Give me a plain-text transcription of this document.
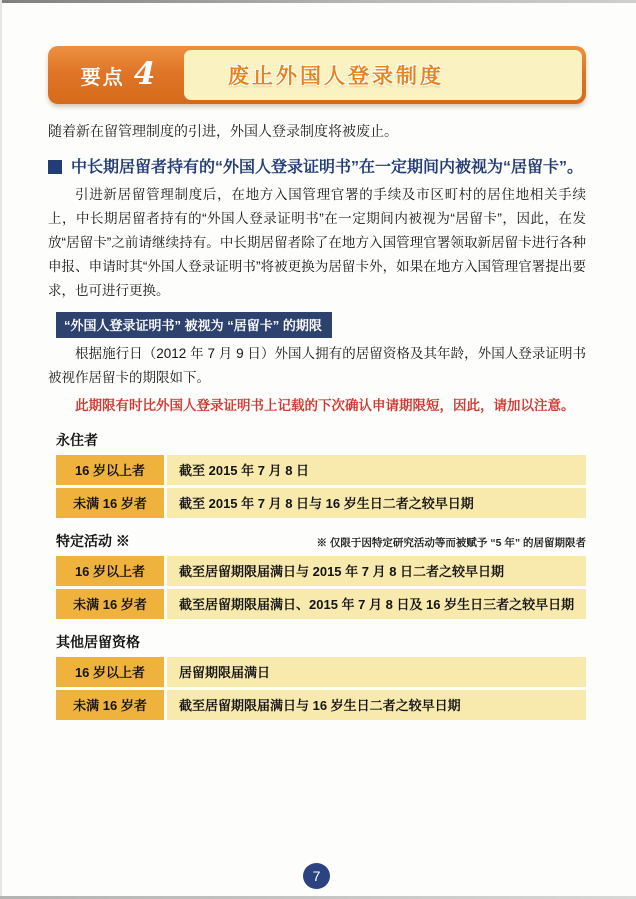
要点 4	废止外国人登录制度

随着新在留管理制度的引进，外国人登录制度将被废止。

中长期居留者持有的“外国人登录证明书”在一定期间内被视为“居留卡”。

引进新居留管理制度后，在地方入国管理官署的手续及市区町村的居住地相关手续上，中长期居留者持有的“外国人登录证明书”在一定期间内被视为“居留卡”，因此，在发放“居留卡”之前请继续持有。中长期居留者除了在地方入国管理官署领取新居留卡进行各种申报、申请时其“外国人登录证明书”将被更换为居留卡外，如果在地方入国管理官署提出要求，也可进行更换。

“外国人登录证明书” 被视为 “居留卡” 的期限

根据施行日（2012 年 7 月 9 日）外国人拥有的居留资格及其年龄，外国人登录证明书被视作居留卡的期限如下。

此期限有时比外国人登录证明书上记载的下次确认申请期限短，因此，请加以注意。

永住者
16 岁以上者	截至 2015 年 7 月 8 日
未满 16 岁者	截至 2015 年 7 月 8 日与 16 岁生日二者之较早日期
特定活动 ※	※ 仅限于因特定研究活动等而被赋予 “5 年” 的居留期限者
16 岁以上者	截至居留期限届满日与 2015 年 7 月 8 日二者之较早日期
未满 16 岁者	截至居留期限届满日、2015 年 7 月 8 日及 16 岁生日三者之较早日期
其他居留资格
16 岁以上者	居留期限届满日
未满 16 岁者	截至居留期限届满日与 16 岁生日二者之较早日期
7
